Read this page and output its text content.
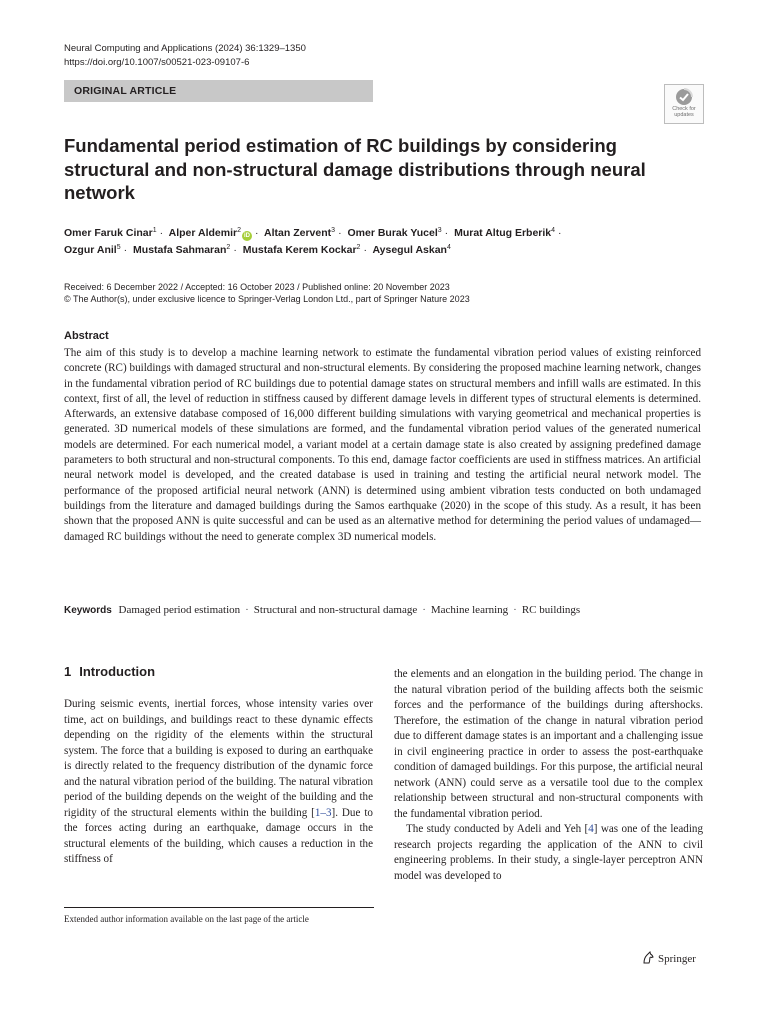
Neural Computing and Applications (2024) 36:1329–1350
https://doi.org/10.1007/s00521-023-09107-6
ORIGINAL ARTICLE
Check for
updates
Fundamental period estimation of RC buildings by considering structural and non-structural damage distributions through neural network
Omer Faruk Cinar$^1$ · Alper Aldemir$^2$iD · Altan Zervent$^3$ · Omer Burak Yucel$^3$ · Murat Altug Erberik$^4$ ·
Ozgur Anil$^5$ · Mustafa Sahmaran$^2$ · Mustafa Kerem Kockar$^2$ · Aysegul Askan$^4$
Received: 6 December 2022 / Accepted: 16 October 2023 / Published online: 20 November 2023
© The Author(s), under exclusive licence to Springer-Verlag London Ltd., part of Springer Nature 2023
Abstract
The aim of this study is to develop a machine learning network to estimate the fundamental vibration period values of existing reinforced concrete (RC) buildings with damaged structural and non-structural elements. By considering the proposed machine learning network, changes in the fundamental vibration period of RC buildings due to potential damage states on structural members and infill walls are estimated. In this context, first of all, the level of reduction in stiffness caused by different damage levels in different types of structural elements is determined. Afterwards, an extensive database composed of 16,000 different building simulations with varying geometrical and mechanical properties is generated. 3D numerical models of these simulations are formed, and the fundamental vibration period values of the generated numerical models are determined. For each numerical model, a variant model at a certain damage state is also created by assigning predefined damage parameters to both structural and non-structural components. To this end, damage factor coefficients are used in stiffness matrices. An artificial neural network model is developed, and the created database is used in training and testing the artificial neural network model. The performance of the proposed artificial neural network (ANN) is determined using ambient vibration tests conducted on both undamaged buildings from the literature and damaged buildings during the Samos earthquake (2020) in the scope of this study. As a result, it has been shown that the proposed ANN is quite successful and can be used as an alternative method for determining the period values of undamaged—damaged RC buildings without the need to generate complex 3D numerical models.
Keywords Damaged period estimation · Structural and non-structural damage · Machine learning · RC buildings
1 Introduction

During seismic events, inertial forces, whose intensity varies over time, act on buildings, and buildings react to these dynamic effects depending on the rigidity of the elements within the structural system. The force that a building is exposed to during an earthquake is directly related to the frequency distribution of the dynamic force and the natural vibration period of the building. The natural vibration period of the building depends on the weight of the building and the rigidity of the structural elements within the building [1–3]. Due to the forces acting during an earthquake, damage occurs in the structural elements of the building, which causes a reduction in the stiffness of

the elements and an elongation in the building period. The change in the natural vibration period of the building affects both the seismic forces and the performance of the buildings during aftershocks. Therefore, the estimation of the change in natural vibration period due to different damage states is an important and a challenging issue in civil engineering practice in order to assess the post-earthquake condition of damaged buildings. For this purpose, the artificial neural network (ANN) could serve as a versatile tool due to the complex relationship between structural and non-structural components with the fundamental vibration period.

The study conducted by Adeli and Yeh [4] was one of the leading research projects regarding the application of the ANN to civil engineering problems. In their study, a single-layer perceptron ANN model was developed to

Extended author information available on the last page of the article
Springer
